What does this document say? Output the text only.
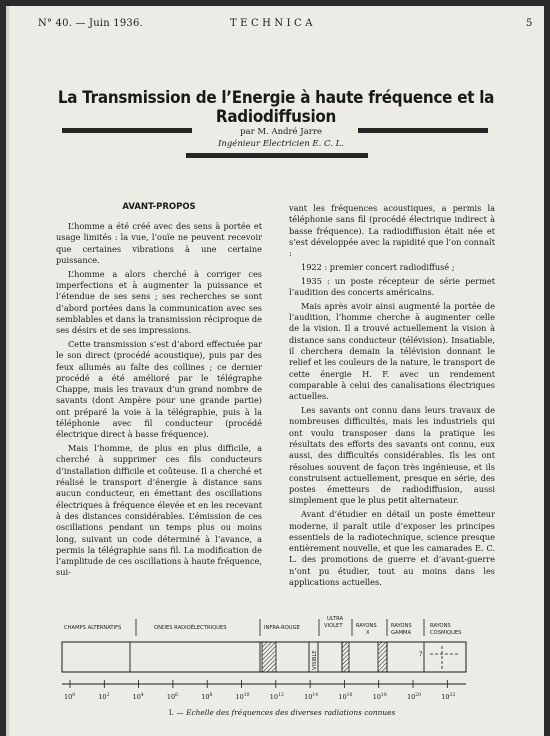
N° 40. — Juin 1936.	TECHNICA	5
La Transmission de l’Energie à haute fréquence et la Radiodiffusion
par M. André Jarre
Ingénieur Electricien E. C. L.
AVANT-PROPOS

L’homme a été créé avec des sens à portée et usage limités : la vue, l’ouïe ne peuvent recevoir que certaines vibrations à une certaine puissance.

L’homme a alors cherché à corriger ces imperfections et à augmenter la puissance et l’étendue de ses sens ; ses recherches se sont d’abord portées dans la communication avec ses semblables et dans la transmission réciproque de ses désirs et de ses impressions.

Cette transmission s’est d’abord effectuée par le son direct (procédé acoustique), puis par des feux allumés au faîte des collines ; ce dernier procédé a été amélioré par le télégraphe Chappe, mais les travaux d’un grand nombre de savants (dont Ampère pour une grande partie) ont préparé la voie à la télégraphie, puis à la téléphonie avec fil conducteur (procédé électrique direct à basse fréquence).

Mais l’homme, de plus en plus difficile, a cherché à supprimer ces fils conducteurs d’installation difficile et coûteuse. Il a cherché et réalisé le transport d’énergie à distance sans aucun conducteur, en émettant des oscillations électriques à fréquence élevée et en les recevant à des distances considérables. L’émission de ces oscillations pendant un temps plus ou moins long, suivant un code déterminé à l’avance, a permis la télégraphie sans fil. La modification de l’amplitude de ces oscillations à haute fréquence, sui-

vant les fréquences acoustiques, a permis la téléphonie sans fil (procédé électrique indirect à basse fréquence). La radiodiffusion était née et s’est développée avec la rapidité que l’on connaît :

1922 : premier concert radiodiffusé ;

1935 : un poste récepteur de série permet l’audition des concerts américains.

Mais après avoir ainsi augmenté la portée de l’audition, l’homme cherche à augmenter celle de la vision. Il a trouvé actuellement la vision à distance sans conducteur (télévision). Insatiable, il cherchera demain la télévision donnant le relief et les couleurs de la nature, le transport de cette énergie H. F. avec un rendement comparable à celui des canalisations électriques actuelles.

Les savants ont connu dans leurs travaux de nombreuses difficultés, mais les industriels qui ont voulu transposer dans la pratique les résultats des efforts des savants ont connu, eux aussi, des difficultés considérables. Ils les ont résolues souvent de façon très ingénieuse, et ils construisent actuellement, presque en série, des postes émetteurs de radiodiffusion, aussi simplement que le plus petit alternateur.

Avant d’étudier en détail un poste émetteur moderne, il paraît utile d’exposer les principes essentiels de la radiotechnique, science presque entièrement nouvelle, et que les camarades E. C. L. des promotions de guerre et d’avant-guerre n’ont pu étudier, tout au moins dans les applications actuelles.

CHAMPS ALTERNATIFS	ONDES RADIOÉLECTRIQUES	INFRA-ROUGE
ULTRA
VIOLET	RAYONS
X
RAYONS
GAMMA
RAYONS
COSMIQUES
VISIBLE	?
$10^0$	$10^2$	$10^4$	$10^6$	$10^8$	$10^{10}$	$10^{12}$	$10^{14}$	$10^{16}$	$10^{18}$	$10^{20}$	$10^{22}$
I. — Echelle des fréquences des diverses radiations connues
